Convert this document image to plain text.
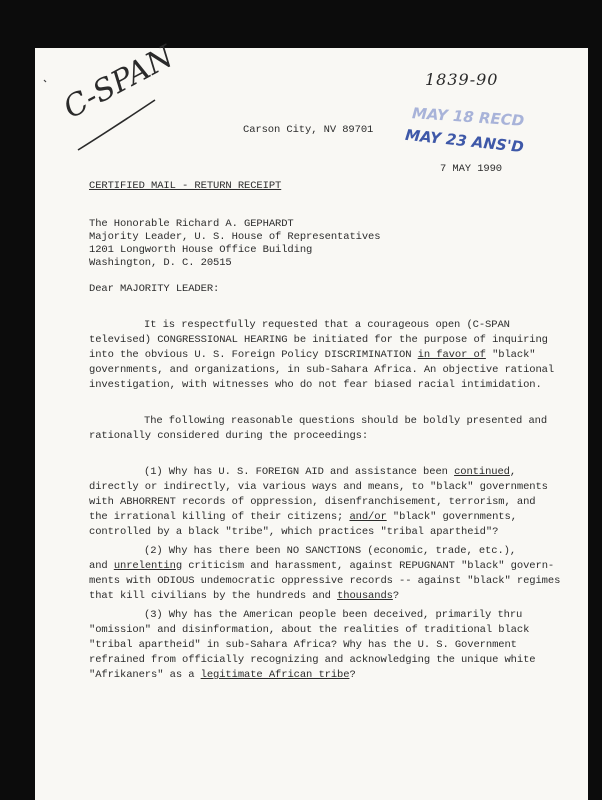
C-SPAN	1839-90
MAY 18 RECD
MAY 23 ANS'D
Carson City, NV 89701
7 MAY 1990
CERTIFIED MAIL - RETURN RECEIPT
The Honorable Richard A. GEPHARDT
Majority Leader, U. S. House of Representatives
1201 Longworth House Office Building
Washington, D. C. 20515
Dear MAJORITY LEADER:
It is respectfully requested that a courageous open (C-SPAN
televised) CONGRESSIONAL HEARING be initiated for the purpose of inquiring
into the obvious U. S. Foreign Policy DISCRIMINATION in favor of "black"
governments, and organizations, in sub-Sahara Africa. An objective rational
investigation, with witnesses who do not fear biased racial intimidation.
The following reasonable questions should be boldly presented and
rationally considered during the proceedings:
(1) Why has U. S. FOREIGN AID and assistance been continued,
directly or indirectly, via various ways and means, to "black" governments
with ABHORRENT records of oppression, disenfranchisement, terrorism, and
the irrational killing of their citizens; and/or "black" governments,
controlled by a black "tribe", which practices "tribal apartheid"?
(2) Why has there been NO SANCTIONS (economic, trade, etc.),
and unrelenting criticism and harassment, against REPUGNANT "black" govern-
ments with ODIOUS undemocratic oppressive records -- against "black" regimes
that kill civilians by the hundreds and thousands?
(3) Why has the American people been deceived, primarily thru
"omission" and disinformation, about the realities of traditional black
"tribal apartheid" in sub-Sahara Africa? Why has the U. S. Government
refrained from officially recognizing and acknowledging the unique white
"Afrikaners" as a legitimate African tribe?
